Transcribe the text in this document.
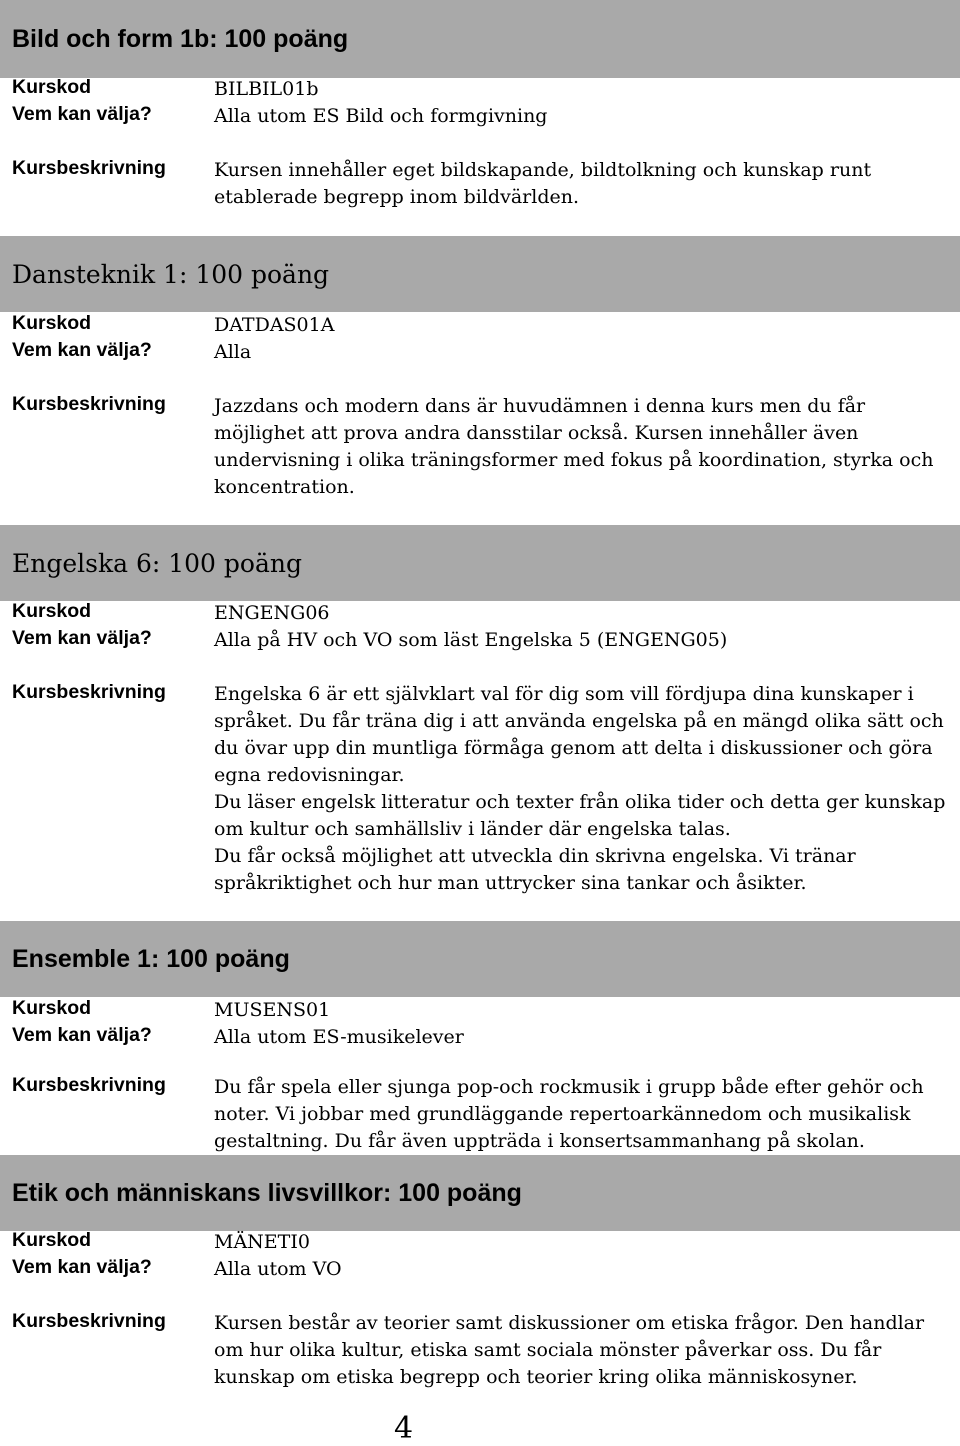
Bild och form 1b: 100 poäng
Kurskod	BILBIL01b
Vem kan välja?	Alla utom ES Bild och formgivning
Kursbeskrivning	Kursen innehåller eget bildskapande, bildtolkning och kunskap runt etablerade begrepp inom bildvärlden.

Dansteknik 1: 100 poäng
Kurskod	DATDAS01A
Vem kan välja?	Alla
Kursbeskrivning	Jazzdans och modern dans är huvudämnen i denna kurs men du får möjlighet att prova andra dansstilar också. Kursen innehåller även undervisning i olika träningsformer med fokus på koordination, styrka och koncentration.

Engelska 6: 100 poäng
Kurskod	ENGENG06
Vem kan välja?	Alla på HV och VO som läst Engelska 5 (ENGENG05)
Kursbeskrivning	Engelska 6 är ett självklart val för dig som vill fördjupa dina kunskaper i språket. Du får träna dig i att använda engelska på en mängd olika sätt och du övar upp din muntliga förmåga genom att delta i diskussioner och göra egna redovisningar.

Du läser engelsk litteratur och texter från olika tider och detta ger kunskap om kultur och samhällsliv i länder där engelska talas.

Du får också möjlighet att utveckla din skrivna engelska. Vi tränar språkriktighet och hur man uttrycker sina tankar och åsikter.

Ensemble 1: 100 poäng
Kurskod	MUSENS01
Vem kan välja?	Alla utom ES-musikelever
Kursbeskrivning	Du får spela eller sjunga pop-och rockmusik i grupp både efter gehör och noter. Vi jobbar med grundläggande repertoarkännedom och musikalisk gestaltning. Du får även uppträda i konsertsammanhang på skolan.

Etik och människans livsvillkor: 100 poäng
Kurskod	MÄNETI0
Vem kan välja?	Alla utom VO
Kursbeskrivning	Kursen består av teorier samt diskussioner om etiska frågor. Den handlar om hur olika kultur, etiska samt sociala mönster påverkar oss. Du får kunskap om etiska begrepp och teorier kring olika människosyner.

4
